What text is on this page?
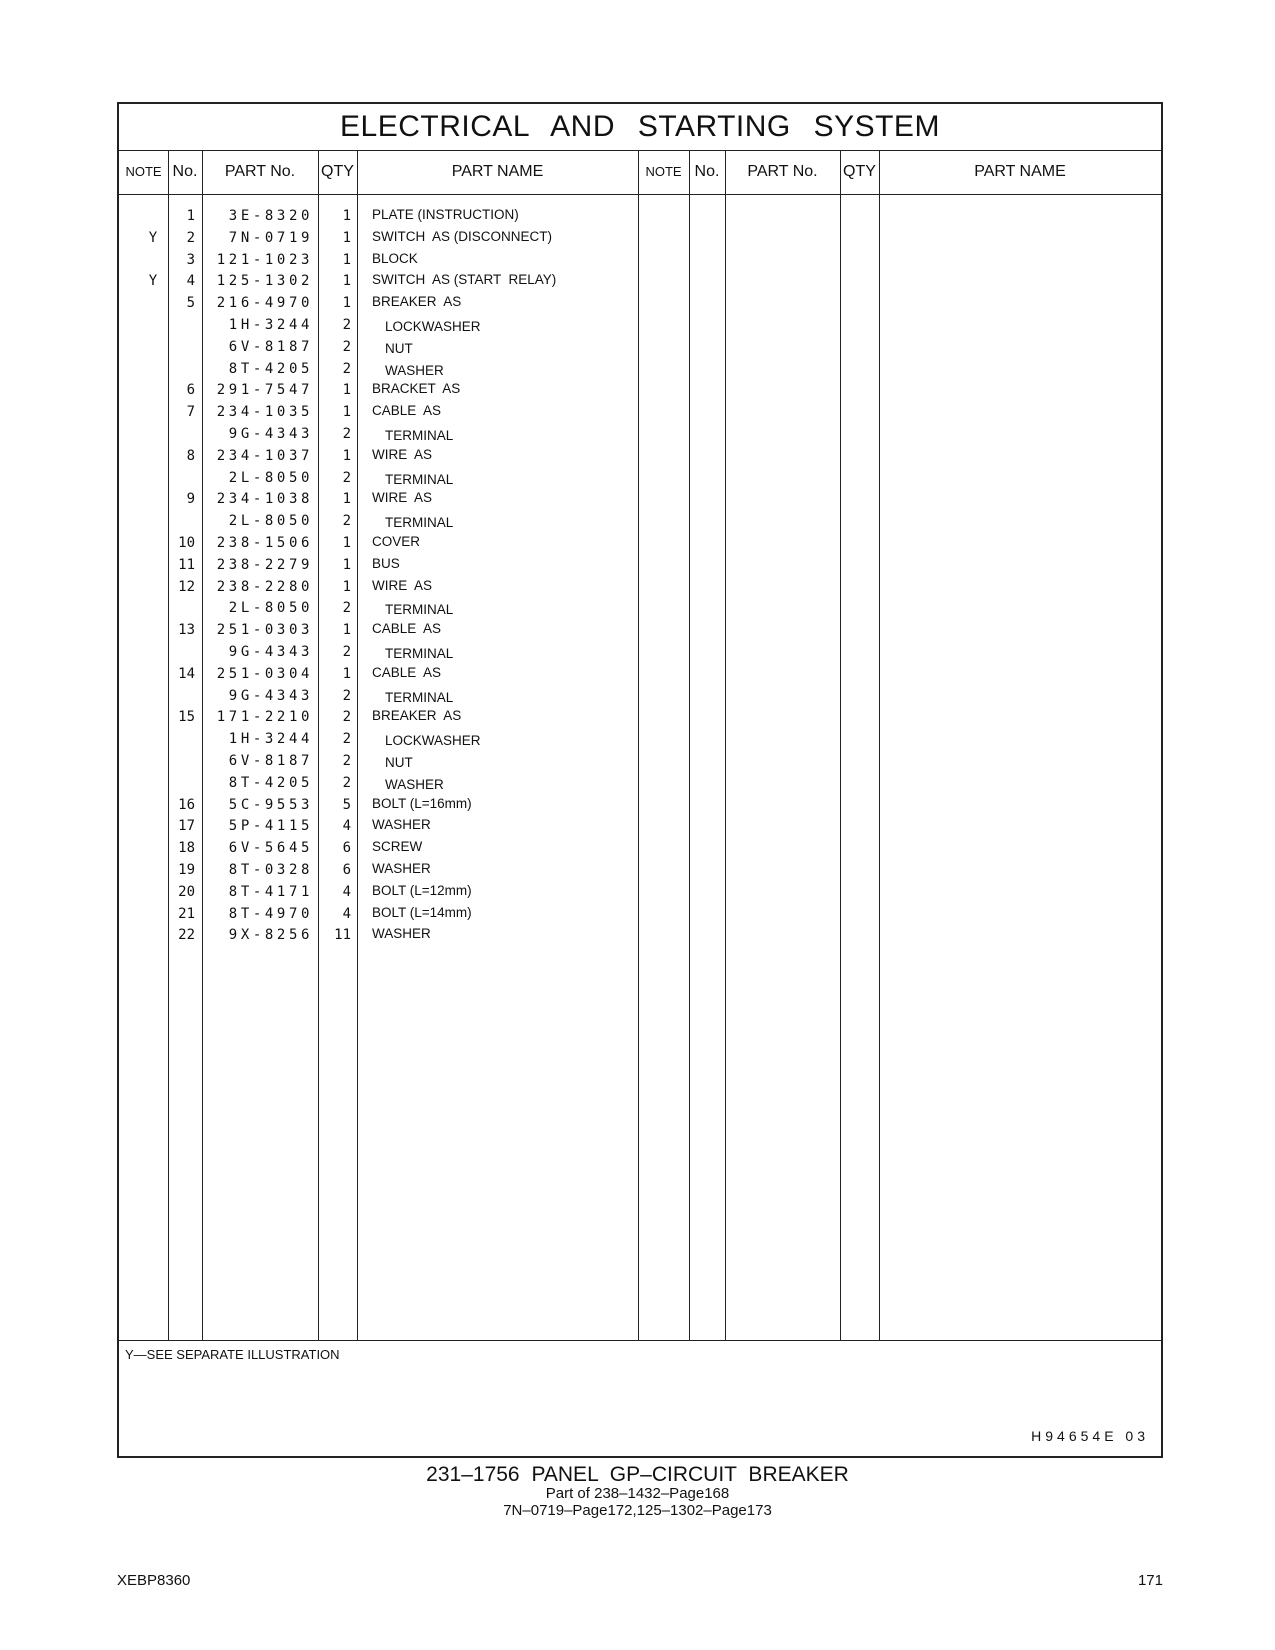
ELECTRICAL AND STARTING SYSTEM
NOTE No.	PART No.	QTY	PART NAME	NOTE No.	PART No.	QTY	PART NAME
1	3E-8320	1 PLATE (INSTRUCTION)
Y	2	7N-0719	1 SWITCH  AS (DISCONNECT)
3	121-1023	1 BLOCK
Y	4	125-1302	1 SWITCH  AS (START  RELAY)
5	216-4970	1 BREAKER  AS
1H-3244	2	LOCKWASHER
6V-8187	2	NUT
8T-4205	2	WASHER
6	291-7547	1 BRACKET  AS
7	234-1035	1 CABLE  AS
9G-4343	2	TERMINAL
8	234-1037	1 WIRE  AS
2L-8050	2	TERMINAL
9	234-1038	1 WIRE  AS
2L-8050	2	TERMINAL
10	238-1506	1 COVER
11	238-2279	1 BUS
12	238-2280	1 WIRE  AS
2L-8050	2	TERMINAL
13	251-0303	1 CABLE  AS
9G-4343	2	TERMINAL
14	251-0304	1 CABLE  AS
9G-4343	2	TERMINAL
15	171-2210	2 BREAKER  AS
1H-3244	2	LOCKWASHER
6V-8187	2	NUT
8T-4205	2	WASHER
16	5C-9553	5 BOLT (L=16mm)
17	5P-4115	4 WASHER
18	6V-5645	6 SCREW
19	8T-0328	6 WASHER
20	8T-4171	4 BOLT (L=12mm)
21	8T-4970	4 BOLT (L=14mm)
22	9X-8256	11 WASHER
Y—SEE SEPARATE ILLUSTRATION
H94654E 03
231–1756 PANEL GP–CIRCUIT BREAKER
Part of 238–1432–Page168
7N–0719–Page172,125–1302–Page173
XEBP8360	171
